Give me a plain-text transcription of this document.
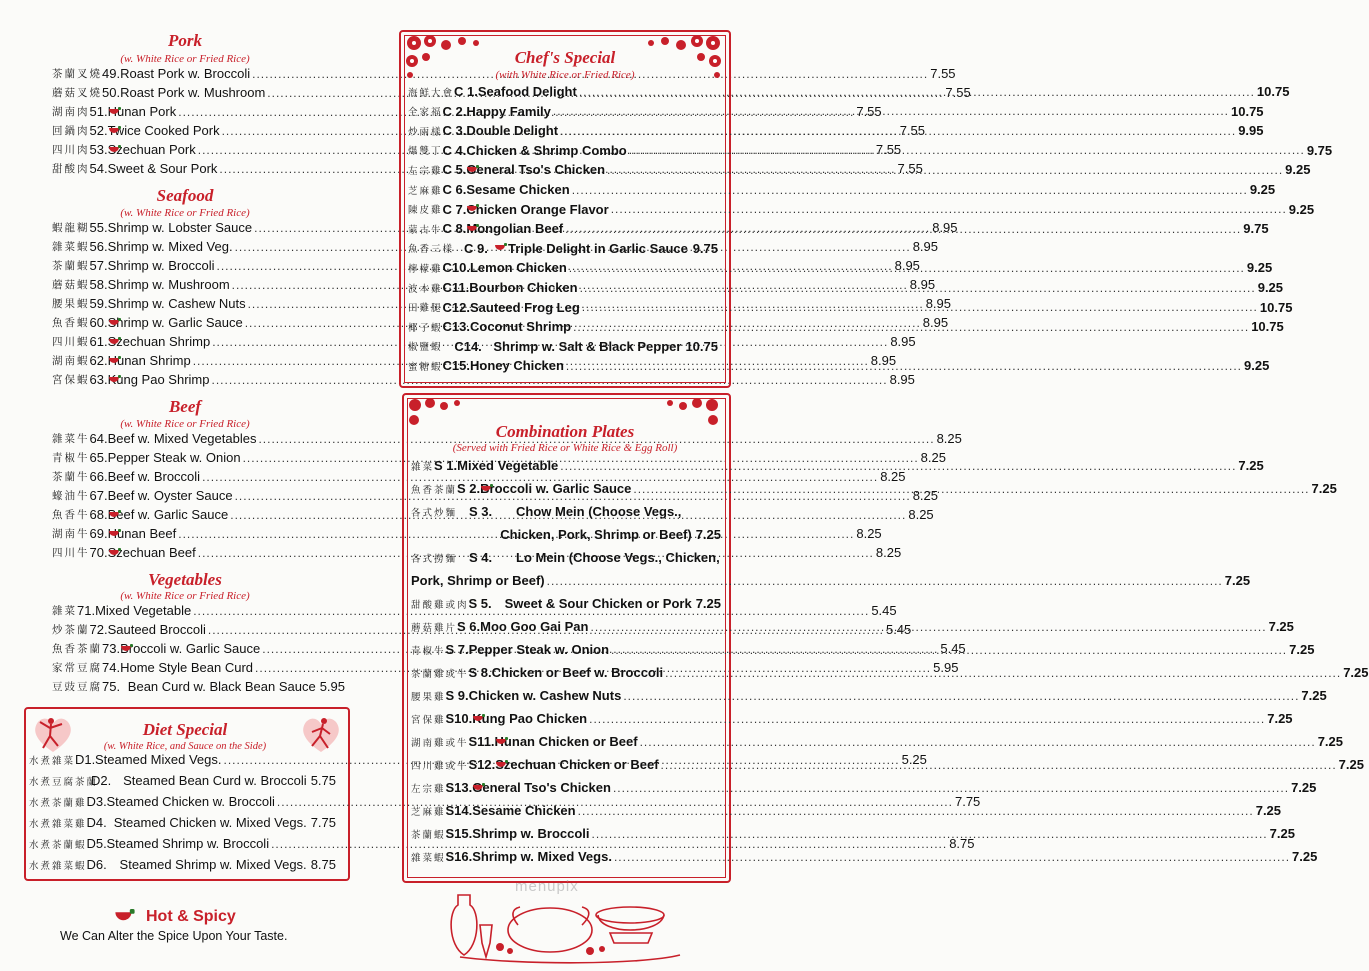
Pork
(w. White Rice or Fried Rice)
茶蘭叉燒 49. Roast Pork w. Broccoli .....	7.55
蘑菇叉燒 50. Roast Pork w. Mushroom .....	7.55
湖南肉 51. Hunan Pork .....	7.55
回鍋肉 52. Twice Cooked Pork .....	7.55
四川肉 53. Szechuan Pork .....	7.55
甜酸肉 54. Sweet & Sour Pork .....	7.55
Seafood
(w. White Rice or Fried Rice)
蝦龍糊 55. Shrimp w. Lobster Sauce .....	8.95
雜菜蝦 56. Shrimp w. Mixed Veg. .....	8.95
茶蘭蝦 57. Shrimp w. Broccoli .....	8.95
蘑菇蝦 58. Shrimp w. Mushroom .....	8.95
腰果蝦 59. Shrimp w. Cashew Nuts .....	8.95
魚香蝦 60. Shrimp w. Garlic Sauce .....	8.95
四川蝦 61. Szechuan Shrimp .....	8.95
湖南蝦 62. Hunan Shrimp .....	8.95
宮保蝦 63. Kung Pao Shrimp .....	8.95
Beef
(w. White Rice or Fried Rice)
雜菜牛 64. Beef w. Mixed Vegetables .....	8.25
青椒牛 65. Pepper Steak w. Onion .....	8.25
茶蘭牛 66. Beef w. Broccoli .....	8.25
蠔油牛 67. Beef w. Oyster Sauce .....	8.25
魚香牛 68. Beef w. Garlic Sauce .....	8.25
湖南牛 69. Hunan Beef .....	8.25
四川牛 70. Szechuan Beef .....	8.25
Vegetables
(w. White Rice or Fried Rice)
雜菜 71. Mixed Vegetable .....	5.45
炒茶蘭 72. Sauteed Broccoli .....	5.45
魚香茶蘭 73. Broccoli w. Garlic Sauce .....	5.45
家常豆腐 74. Home Style Bean Curd .....	5.95
豆豉豆腐 75. Bean Curd w. Black Bean Sauce 5.95
Diet Special
(w. White Rice, and Sauce on the Side)
水煮雜菜 D1. Steamed Mixed Vegs. .....	5.25
水煮豆腐茶蘭
D2. Steamed Bean Curd w. Broccoli 5.75
水煮茶蘭雞 D3. Steamed Chicken w. Broccoli .....	7.75
水煮雜菜雞 D4. Steamed Chicken w. Mixed Vegs. 7.75
水煮茶蘭蝦 D5. Steamed Shrimp w. Broccoli .....	8.75
水煮雜菜蝦 D6. Steamed Shrimp w. Mixed Vegs. 8.75
Hot & Spicy
We Can Alter the Spice Upon Your Taste.
Chef's Special
(with White Rice or Fried Rice)
海鮮大會 C 1. Seafood Delight .....	10.75
全家福 C 2. Happy Family .....	10.75
炒兩樣 C 3. Double Delight .....	9.95
爆雙丁 C 4. Chicken & Shrimp Combo .....	9.75
左宗雞 C 5. General Tso's Chicken .....	9.25
芝麻雞 C 6. Sesame Chicken .....	9.25
陳皮雞 C 7. Chicken Orange Flavor .....	9.25
蒙古牛 C 8. Mongolian Beef .....	9.75
魚香三樣 C 9.	Triple Delight in Garlic Sauce ..... 9.75
檸檬雞 C10. Lemon Chicken .....	9.25
波本雞 C11. Bourbon Chicken .....	9.25
田雞腿 C12. Sauteed Frog Leg .....	10.75
椰子蝦 C13. Coconut Shrimp .....	10.75
椒鹽蝦 C14. Shrimp w. Salt & Black Pepper 10.75
蜜糖蝦 C15. Honey Chicken .....	9.25
Combination Plates
(Served with Fried Rice or White Rice & Egg Roll)
雜菜 S 1. Mixed Vegetable .....	7.25
魚香茶蘭 S 2. Broccoli w. Garlic Sauce .....	7.25
各式炒麵 S 3.	Chow Mein (Choose Vegs.,
Chicken, Pork, Shrimp or Beef) 7.25
各式撈麵 S 4.	Lo Mein (Choose Vegs., Chicken,
Pork, Shrimp or Beef) .....	7.25
甜酸雞或肉 S 5. Sweet & Sour Chicken or Pork 7.25
蘑菇雞片 S 6. Moo Goo Gai Pan .....	7.25
青椒牛 S 7. Pepper Steak w. Onion .....	7.25
茶蘭雞或牛 S 8. Chicken or Beef w. Broccoli .....	7.25
腰果雞 S 9. Chicken w. Cashew Nuts .....	7.25
宮保雞 S10. Kung Pao Chicken .....	7.25
湖南雞或牛 S11. Hunan Chicken or Beef .....	7.25
四川雞或牛 S12. Szechuan Chicken or Beef .....	7.25
左宗雞 S13. General Tso's Chicken .....	7.25
芝麻雞 S14. Sesame Chicken .....	7.25
茶蘭蝦 S15. Shrimp w. Broccoli .....	7.25
雜菜蝦 S16. Shrimp w. Mixed Vegs. .....	7.25
menupix
